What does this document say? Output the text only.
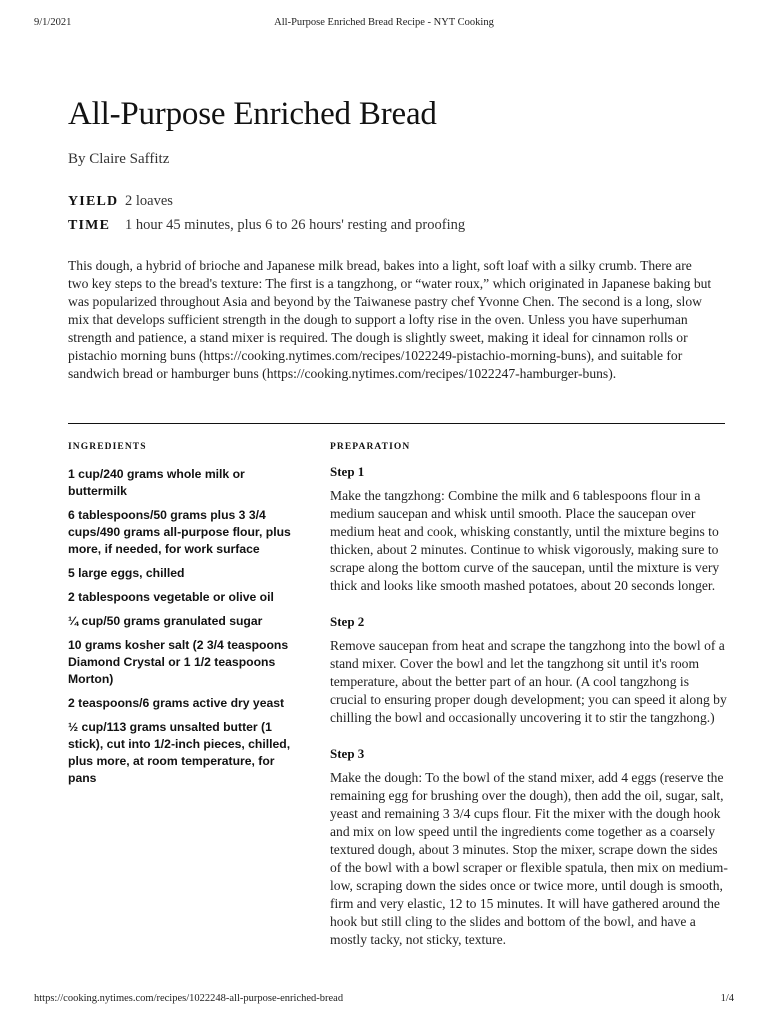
9/1/2021	All-Purpose Enriched Bread Recipe - NYT Cooking
All-Purpose Enriched Bread
By Claire Saffitz
YIELD 2 loaves
TIME 1 hour 45 minutes, plus 6 to 26 hours' resting and proofing

This dough, a hybrid of brioche and Japanese milk bread, bakes into a light, soft loaf with a silky crumb. There are two key steps to the bread's texture: The first is a tangzhong, or “water roux,” which originated in Japanese baking but was popularized throughout Asia and beyond by the Taiwanese pastry chef Yvonne Chen. The second is a long, slow mix that develops sufficient strength in the dough to support a lofty rise in the oven. Unless you have superhuman strength and patience, a stand mixer is required. The dough is slightly sweet, making it ideal for cinnamon rolls or pistachio morning buns (https://cooking.nytimes.com/recipes/1022249-pistachio-morning-buns), and suitable for sandwich bread or hamburger buns (https://cooking.nytimes.com/recipes/1022247-hamburger-buns).

INGREDIENTS	PREPARATION
1 cup/240 grams whole milk or buttermilk
6 tablespoons/50 grams plus 3 3/4 cups/490 grams all-purpose flour, plus more, if needed, for work surface
5 large eggs, chilled
2 tablespoons vegetable or olive oil
¼ cup/50 grams granulated sugar
10 grams kosher salt (2 3/4 teaspoons Diamond Crystal or 1 1/2 teaspoons Morton)
2 teaspoons/6 grams active dry yeast
½ cup/113 grams unsalted butter (1 stick), cut into 1/2-inch pieces, chilled, plus more, at room temperature, for pans
Step 1

Make the tangzhong: Combine the milk and 6 tablespoons flour in a medium saucepan and whisk until smooth. Place the saucepan over medium heat and cook, whisking constantly, until the mixture begins to thicken, about 2 minutes. Continue to whisk vigorously, making sure to scrape along the bottom curve of the saucepan, until the mixture is very thick and looks like smooth mashed potatoes, about 20 seconds longer.

Step 2

Remove saucepan from heat and scrape the tangzhong into the bowl of a stand mixer. Cover the bowl and let the tangzhong sit until it's room temperature, about the better part of an hour. (A cool tangzhong is crucial to ensuring proper dough development; you can speed it along by chilling the bowl and occasionally uncovering it to stir the tangzhong.)

Step 3

Make the dough: To the bowl of the stand mixer, add 4 eggs (reserve the remaining egg for brushing over the dough), then add the oil, sugar, salt, yeast and remaining 3 3/4 cups flour. Fit the mixer with the dough hook and mix on low speed until the ingredients come together as a coarsely textured dough, about 3 minutes. Stop the mixer, scrape down the sides of the bowl with a bowl scraper or flexible spatula, then mix on medium-low, scraping down the sides once or twice more, until dough is smooth, firm and very elastic, 12 to 15 minutes. It will have gathered around the hook but still cling to the slides and bottom of the bowl, and have a mostly tacky, not sticky, texture.

https://cooking.nytimes.com/recipes/1022248-all-purpose-enriched-bread	1/4
